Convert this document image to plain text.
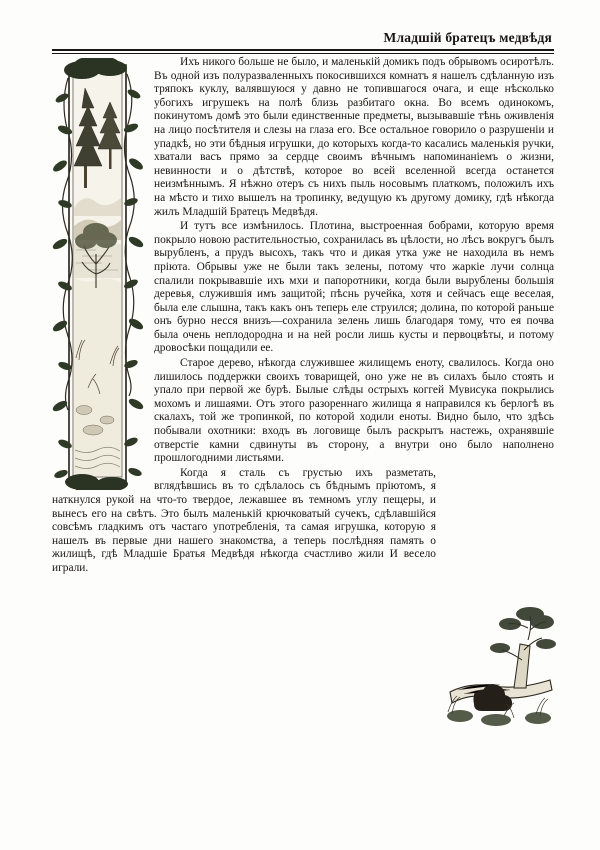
Младшій братецъ медвѣдя

Ихъ никого больше не было, и маленькій домикъ подъ обрывомъ осиротѣлъ. Въ одной изъ полуразваленныхъ покосившихся комнатъ я нашелъ сдѣланную изъ тряпокъ куклу, валявшуюся у давно не топившагося очага, и еще нѣсколько убогихъ игрушекъ на полѣ близь разбитаго окна. Во всемъ одинокомъ, покинутомъ домѣ это были единственные предметы, вызывавшіе тѣнь оживленія на лицо посѣтителя и слезы на глаза его. Все остальное говорило о разрушеніи и упадкѣ, но эти бѣдныя игрушки, до которыхъ когда-то касались маленькія ручки, хватали васъ прямо за сердце своимъ вѣчнымъ напоминаніемъ о жизни, невинности и о дѣтствѣ, которое во всей вселенной всегда останется неизмѣннымъ. Я нѣжно отеръ съ нихъ пыль носовымъ платкомъ, положилъ ихъ на мѣсто и тихо вышелъ на тропинку, ведущую къ другому домику, гдѣ нѣкогда жилъ Младшій Братецъ Медвѣдя.

И тутъ все измѣнилось. Плотина, выстроенная бобрами, которую время покрыло новою растительностью, сохранилась въ цѣлости, но лѣсъ вокругъ былъ вырубленъ, а прудъ высохъ, такъ что и дикая утка уже не находила въ немъ пріюта. Обрывы уже не были такъ зелены, потому что жаркіе лучи солнца спалили покрывавшіе ихъ мхи и папоротники, когда были вырублены большія деревья, служившія имъ защитой; пѣснь ручейка, хотя и сейчасъ еще веселая, была еле слышна, такъ какъ онъ теперь еле струился; долина, по которой раньше онъ бурно несся внизъ—сохранила зелень лишь благодаря тому, что ея почва была очень неплодородна и на ней росли лишь кусты и первоцвѣты, и потому дровосѣки пощадили ее.

Старое дерево, нѣкогда служившее жилищемъ еноту, свалилось. Когда оно лишилось поддержки своихъ товарищей, оно уже не въ силахъ было стоять и упало при первой же бурѣ. Былые слѣды острыхъ коггей Мувисука покрылись мохомъ и лишаями. Отъ этого разореннаго жилища я направился къ берлогѣ въ скалахъ, той же тропинкой, по которой ходили еноты. Видно было, что здѣсь побывали охотники: входъ въ логовище былъ раскрытъ настежь, охранявшіе отверстіе камни сдвинуты въ сторону, а внутри оно было наполнено прошлогодними листьями.

Когда я сталь съ грустью ихъ разметать, вглядѣвшись въ то сдѣлалось съ бѣднымъ пріютомъ, я наткнулся рукой на что-то твердое, лежавшее въ темномъ углу пещеры, и вынесъ его на свѣтъ. Это былъ маленькій крючковатый сучекъ, сдѣлавшійся совсѣмъ гладкимъ отъ частаго употребленія, та самая игрушка, которую я нашелъ въ первые дни нашего знакомства, а теперь послѣдняя память о жилищѣ, гдѣ Младшіе Братья Медвѣдя нѣкогда счастливо жили И весело играли.
